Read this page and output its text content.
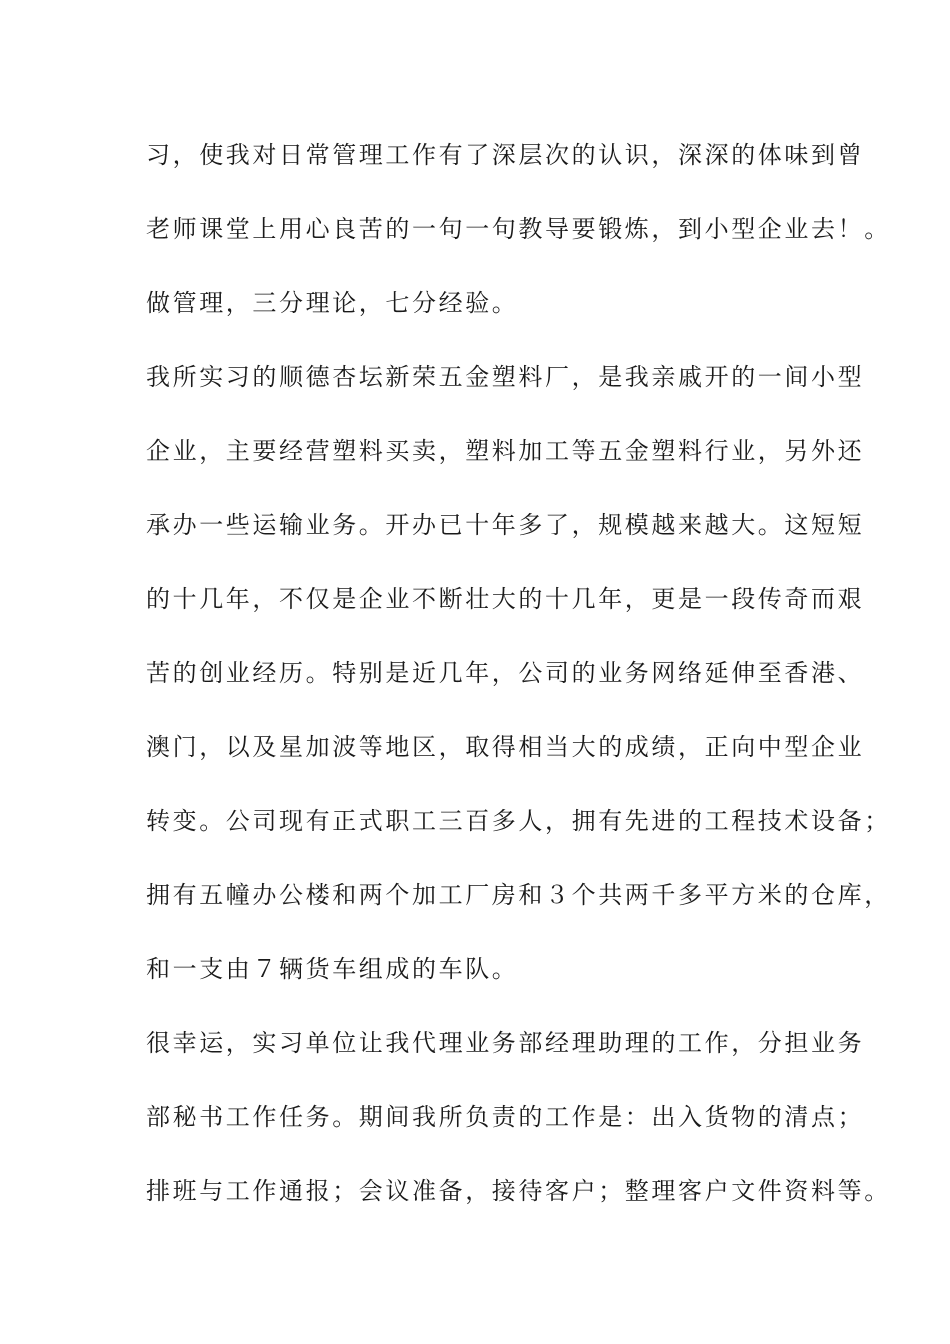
习，使我对日常管理工作有了深层次的认识，深深的体味到曾
老师课堂上用心良苦的一句一句教导要锻炼，到小型企业去！。
做管理，三分理论，七分经验。
我所实习的顺德杏坛新荣五金塑料厂，是我亲戚开的一间小型
企业，主要经营塑料买卖，塑料加工等五金塑料行业，另外还
承办一些运输业务。开办已十年多了，规模越来越大。这短短
的十几年，不仅是企业不断壮大的十几年，更是一段传奇而艰
苦的创业经历。特别是近几年，公司的业务网络延伸至香港、
澳门，以及星加波等地区，取得相当大的成绩，正向中型企业
转变。公司现有正式职工三百多人，拥有先进的工程技术设备；
拥有五幢办公楼和两个加工厂房和３个共两千多平方米的仓库，
和一支由７辆货车组成的车队。
很幸运，实习单位让我代理业务部经理助理的工作，分担业务
部秘书工作任务。期间我所负责的工作是：出入货物的清点；
排班与工作通报；会议准备，接待客户；整理客户文件资料等。
